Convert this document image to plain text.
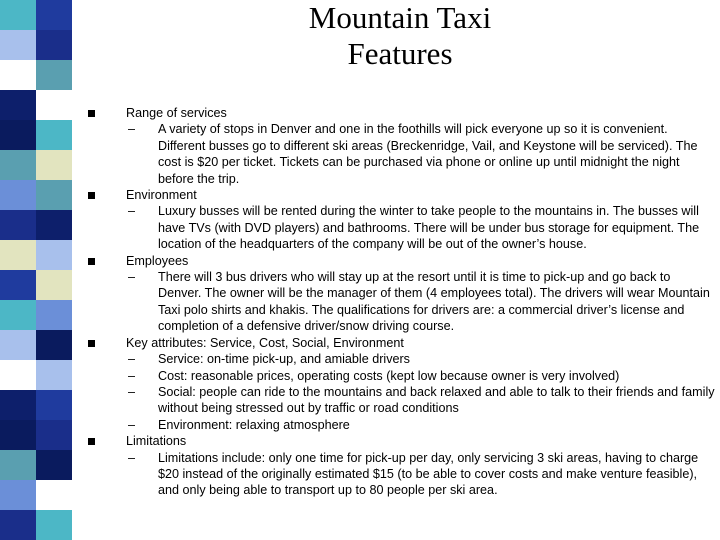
Mountain Taxi
Features
Range of services
– A variety of stops in Denver and one in the foothills will pick everyone up so it is convenient. Different busses go to different ski areas (Breckenridge, Vail, and Keystone will be serviced). The cost is $20 per ticket. Tickets can be purchased via phone or online up until midnight the night before the trip.
Environment
– Luxury busses will be rented during the winter to take people to the mountains in. The busses will have TVs (with DVD players) and bathrooms. There will be under bus storage for equipment. The location of the headquarters of the company will be out of the owner’s house.
Employees
– There will 3 bus drivers who will stay up at the resort until it is time to pick-up and go back to Denver. The owner will be the manager of them (4 employees total). The drivers will wear Mountain Taxi polo shirts and khakis. The qualifications for drivers are: a commercial driver’s license and completion of a defensive driver/snow driving course.
Key attributes: Service, Cost, Social, Environment
– Service: on-time pick-up, and amiable drivers
– Cost: reasonable prices, operating costs (kept low because owner is very involved)
– Social: people can ride to the mountains and back relaxed and able to talk to their friends and family without being stressed out by traffic or road conditions
– Environment: relaxing atmosphere
Limitations
– Limitations include: only one time for pick-up per day, only servicing 3 ski areas, having to charge $20 instead of the originally estimated $15 (to be able to cover costs and make venture feasible), and only being able to transport up to 80 people per ski area.
